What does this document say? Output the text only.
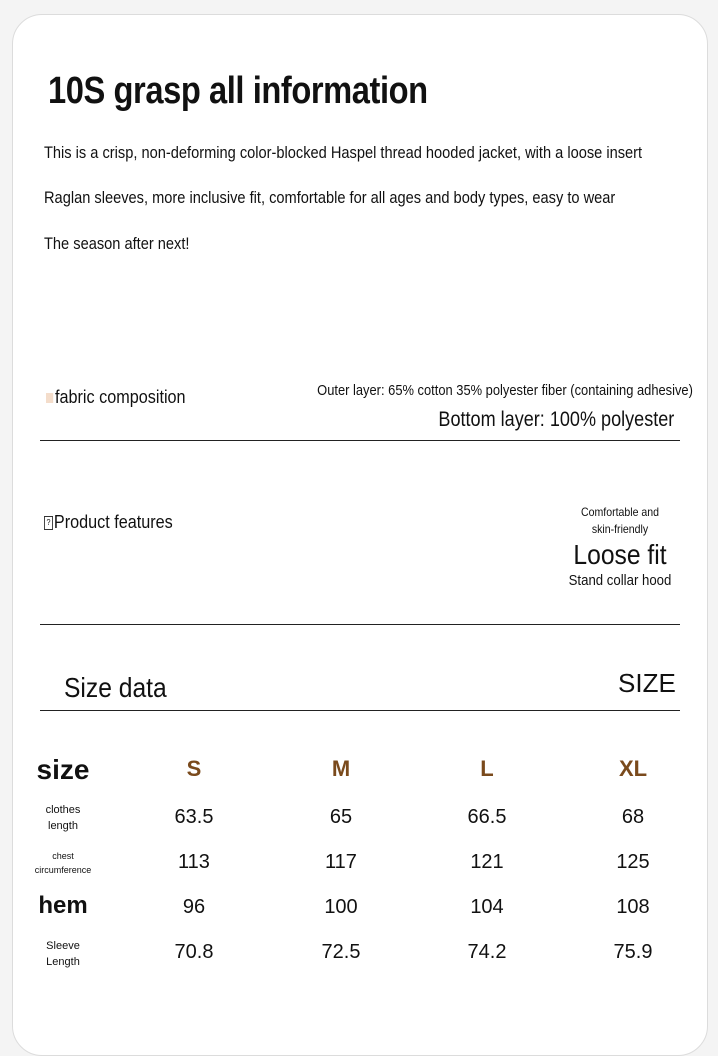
10S grasp all information
This is a crisp, non-deforming color-blocked Haspel thread hooded jacket, with a loose insert
Raglan sleeves, more inclusive fit, comfortable for all ages and body types, easy to wear
The season after next!
fabric composition	Outer layer: 65% cotton 35% polyester fiber (containing adhesive)
Bottom layer: 100% polyester
? Product features	Comfortable and
skin-friendly
Loose fit
Stand collar hood
Size data	SIZE
size	S	M	L	XL
clothes length	63.5	65	66.5	68
chest circumference	113	117	121	125
hem	96	100	104	108
Sleeve Length	70.8	72.5	74.2	75.9
